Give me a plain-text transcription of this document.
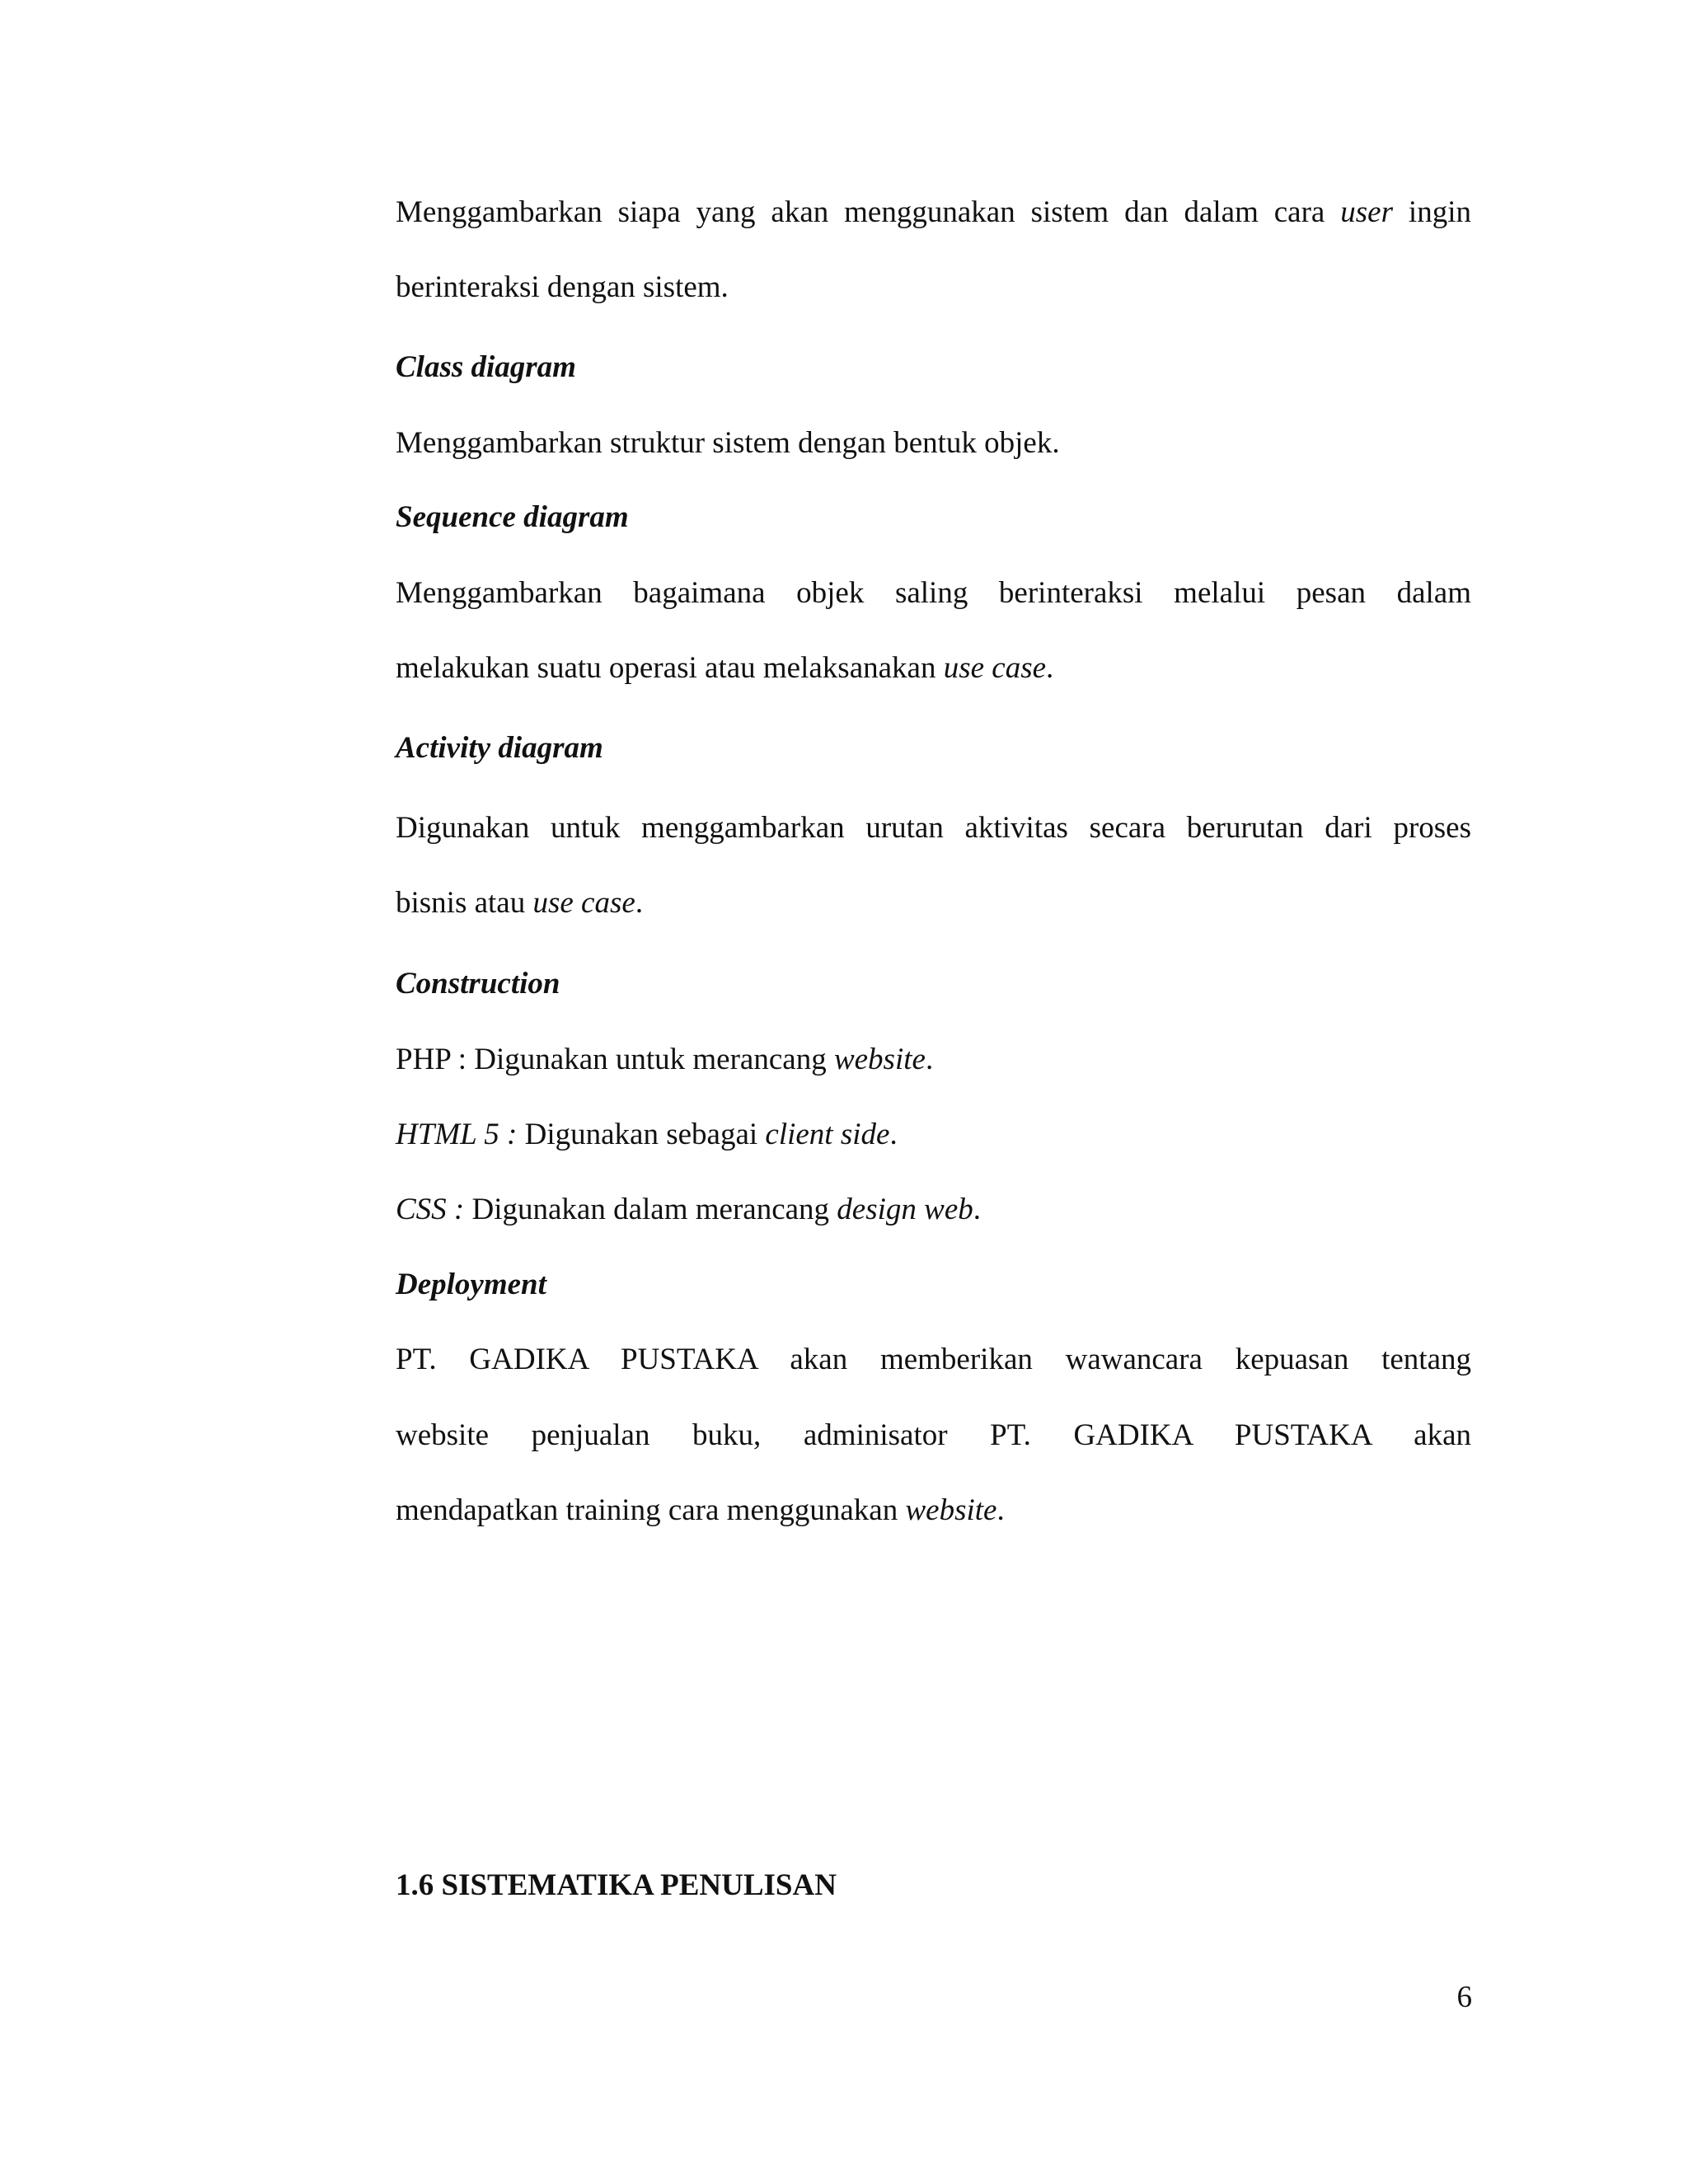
Menggambarkan siapa yang akan menggunakan sistem dan dalam cara user ingin

berinteraksi dengan sistem.

Class diagram

Menggambarkan struktur sistem dengan bentuk objek.

Sequence diagram

Menggambarkan bagaimana objek saling berinteraksi melalui pesan dalam

melakukan suatu operasi atau melaksanakan use case.

Activity diagram

Digunakan untuk menggambarkan urutan aktivitas secara berurutan dari proses

bisnis atau use case.

Construction

PHP : Digunakan untuk merancang website.

HTML 5 : Digunakan sebagai client side.

CSS : Digunakan dalam merancang design web.

Deployment

PT. GADIKA PUSTAKA akan memberikan wawancara kepuasan tentang

website penjualan buku, adminisator PT. GADIKA PUSTAKA akan

mendapatkan training cara menggunakan website.

1.6 SISTEMATIKA PENULISAN

6
